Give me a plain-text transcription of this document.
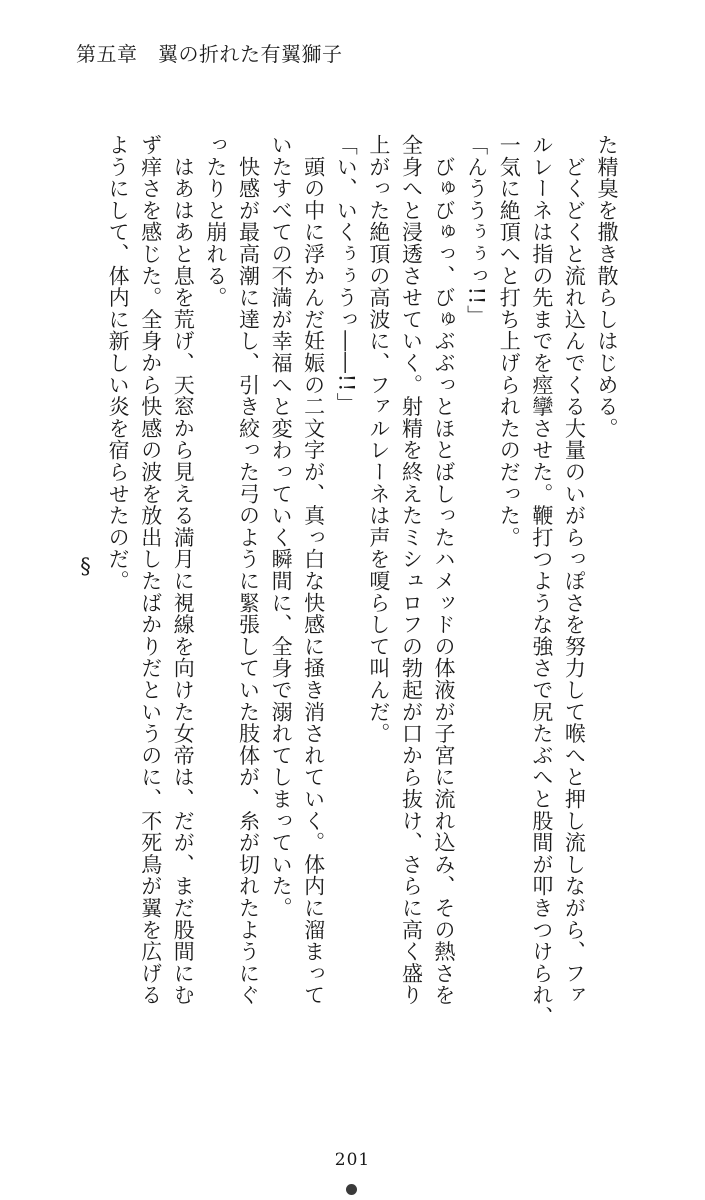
第五章　翼の折れた有翼獅子
た精臭を撒き散らしはじめる。
　どくどくと流れ込んでくる大量のいがらっぽさを努力して喉へと押し流しながら、ファ
ルレーネは指の先までを痙攣させた。鞭打つような強さで尻たぶへと股間が叩きつけられ、
一気に絶頂へと打ち上げられたのだった。
「んううぅぅっ!!」
　びゅびゅっ、びゅぶぶっとほとばしったハメッドの体液が子宮に流れ込み、その熱さを
全身へと浸透させていく。射精を終えたミシュロフの勃起が口から抜け、さらに高く盛り
上がった絶頂の高波に、ファルレーネは声を嗄らして叫んだ。
「い、いくぅぅうっ――!!」
　頭の中に浮かんだ妊娠の二文字が、真っ白な快感に掻き消されていく。体内に溜まって
いたすべての不満が幸福へと変わっていく瞬間に、全身で溺れてしまっていた。
　快感が最高潮に達し、引き絞った弓のように緊張していた肢体が、糸が切れたようにぐ
ったりと崩れる。
　はあはあと息を荒げ、天窓から見える満月に視線を向けた女帝は、だが、まだ股間にむ
ず痒さを感じた。全身から快感の波を放出したばかりだというのに、不死鳥が翼を広げる
ようにして、体内に新しい炎を宿らせたのだ。
§
201
